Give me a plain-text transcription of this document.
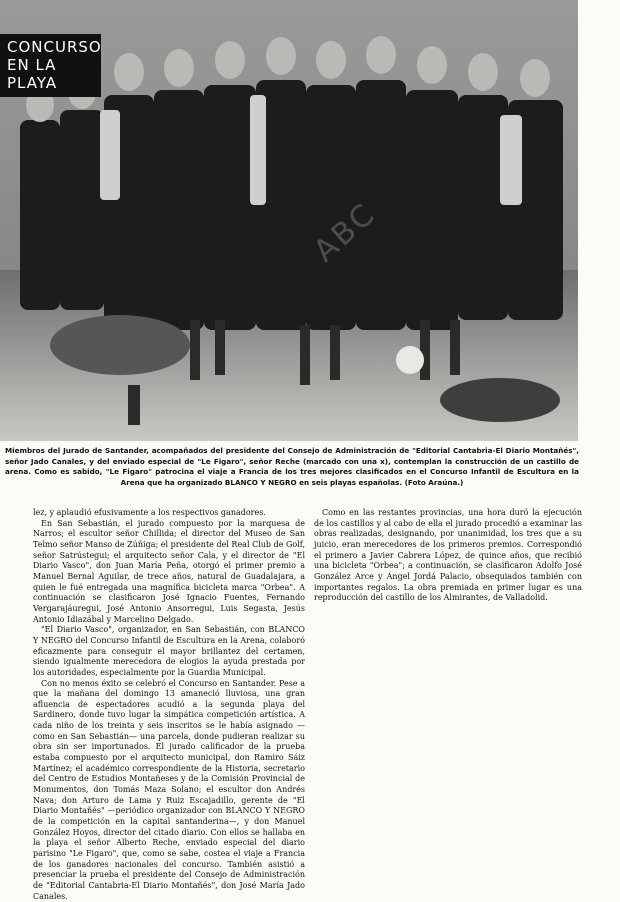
ABC
CONCURSO EN LA PLAYA

Miembros del Jurado de Santander, acompañados del presidente del Consejo de Administración de "Editorial Cantabria-El Diario Montañés", señor Jado Canales, y del enviado especial de "Le Figaro", señor Reche (marcado con una x), contemplan la construcción de un castillo de arena. Como es sabido, "Le Figaro" patrocina el viaje a Francia de los tres mejores clasificados en el Concurso Infantil de Escultura en la Arena que ha organizado BLANCO Y NEGRO en seis playas españolas. (Foto Araúna.)

lez, y aplaudió efusivamente a los respectivos ganadores.

En San Sebastián, el jurado compuesto por la marquesa de Narros; el escultor señor Chillida; el director del Museo de San Telmo señor Manso de Zúñiga; el presidente del Real Club de Golf, señor Satrústegui; el arquitecto señor Cala, y el director de "El Diario Vasco", don Juan María Peña, otorgó el primer premio a Manuel Bernal Aguilar, de trece años, natural de Guadalajara, a quien le fué entregada una magnífica bicicleta marca "Orbea". A continuación se clasificaron José Ignacio Fuentes, Fernando Vergarajáuregui, José Antonio Ansorregui, Luis Segasta, Jesús Antonio Idiazábal y Marcelino Delgado.

"El Diario Vasco", organizador, en San Sebastián, con BLANCO Y NEGRO del Concurso Infantil de Escultura en la Arena, colaboró eficazmente para conseguir el mayor brillantez del certamen, siendo igualmente merecedora de elogios la ayuda prestada por los autoridades, especialmente por la Guardia Municipal.

Con no menos éxito se celebró el Concurso en Santander. Pese a que la mañana del domingo 13 amaneció lluviosa, una gran afluencia de espectadores acudió a la segunda playa del Sardinero, donde tuvo lugar la simpática competición artística. A cada niño de los treinta y seis inscritos se le había asignado —como en San Sebastián— una parcela, donde pudieran realizar su obra sin ser importunados. El jurado calificador de la prueba estaba compuesto por el arquitecto municipal, don Ramiro Sáiz Martínez; el académico correspondiente de la Historia, secretario del Centro de Estudios Montañeses y de la Comisión Provincial de Monumentos, don Tomás Maza Solano; el escultor don Andrés Nava; don Arturo de Lama y Ruiz Escajadillo, gerente de "El Diario Montañés" —periódico organizador con BLANCO Y NEGRO de la competición en la capital santanderina—, y don Manuel González Hoyos, director del citado diario. Con ellos se hallaba en la playa el señor Alberto Reche, enviado especial del diario parisino "Le Figaro", que, como se sabe, costea el viaje a Francia de los ganadores nacionales del concurso. También asistió a presenciar la prueba el presidente del Consejo de Administración de "Editorial Cantabria-El Diario Montañés", don José María Jado Canales.

Como en las restantes provincias, una hora duró la ejecución de los castillos y al cabo de ella el jurado procedió a examinar las obras realizadas, designando, por unanimidad, los tres que a su juicio, eran merecedores de los primeros premios. Correspondió el primero a Javier Cabrera López, de quince años, que recibió una bicicleta "Orbea"; a continuación, se clasificaron Adolfo José González Arce y Ángel Jordá Palacio, obsequiados también con importantes regalos. La obra premiada en primer lugar es una reproducción del castillo de los Almirantes, de Valladolid.
